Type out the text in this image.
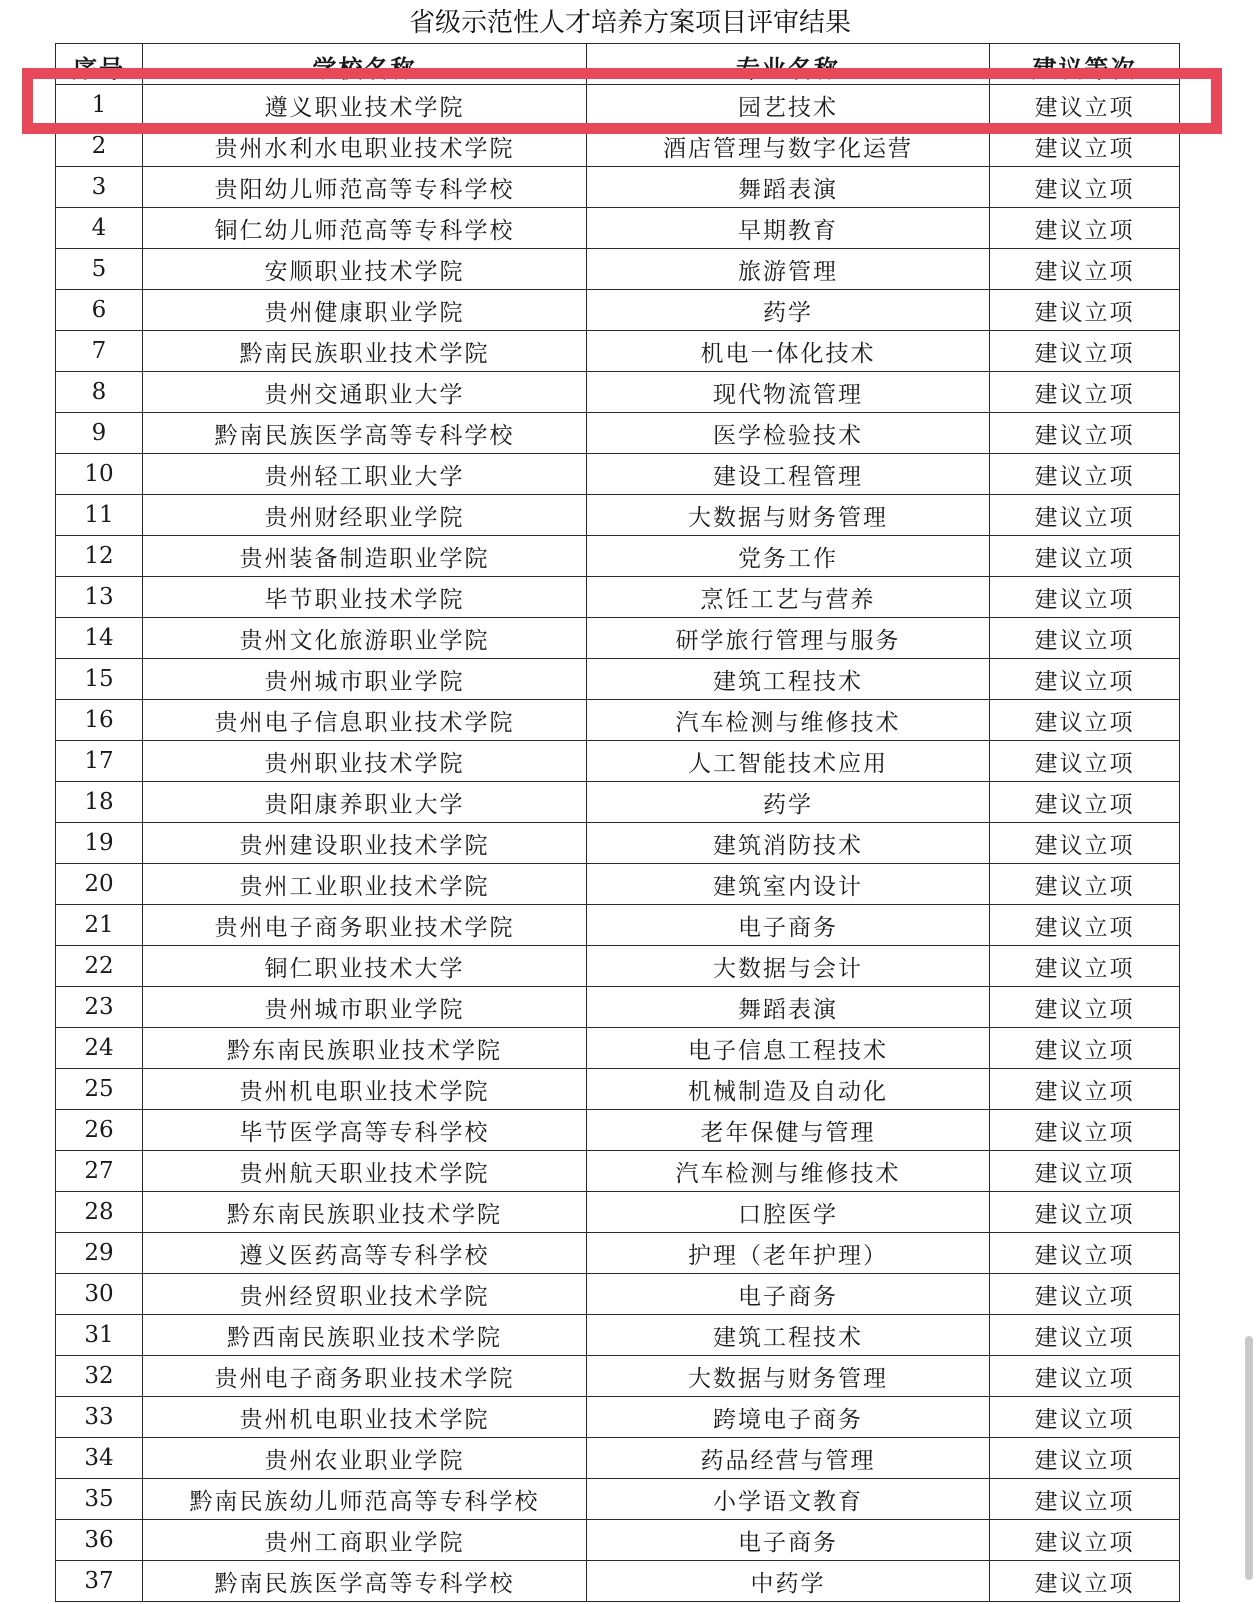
省级示范性人才培养方案项目评审结果
序号	学校名称	专业名称	建议等次
1	遵义职业技术学院	园艺技术	建议立项
2	贵州水利水电职业技术学院	酒店管理与数字化运营	建议立项
3	贵阳幼儿师范高等专科学校	舞蹈表演	建议立项
4	铜仁幼儿师范高等专科学校	早期教育	建议立项
5	安顺职业技术学院	旅游管理	建议立项
6	贵州健康职业学院	药学	建议立项
7	黔南民族职业技术学院	机电一体化技术	建议立项
8	贵州交通职业大学	现代物流管理	建议立项
9	黔南民族医学高等专科学校	医学检验技术	建议立项
10	贵州轻工职业大学	建设工程管理	建议立项
11	贵州财经职业学院	大数据与财务管理	建议立项
12	贵州装备制造职业学院	党务工作	建议立项
13	毕节职业技术学院	烹饪工艺与营养	建议立项
14	贵州文化旅游职业学院	研学旅行管理与服务	建议立项
15	贵州城市职业学院	建筑工程技术	建议立项
16	贵州电子信息职业技术学院	汽车检测与维修技术	建议立项
17	贵州职业技术学院	人工智能技术应用	建议立项
18	贵阳康养职业大学	药学	建议立项
19	贵州建设职业技术学院	建筑消防技术	建议立项
20	贵州工业职业技术学院	建筑室内设计	建议立项
21	贵州电子商务职业技术学院	电子商务	建议立项
22	铜仁职业技术大学	大数据与会计	建议立项
23	贵州城市职业学院	舞蹈表演	建议立项
24	黔东南民族职业技术学院	电子信息工程技术	建议立项
25	贵州机电职业技术学院	机械制造及自动化	建议立项
26	毕节医学高等专科学校	老年保健与管理	建议立项
27	贵州航天职业技术学院	汽车检测与维修技术	建议立项
28	黔东南民族职业技术学院	口腔医学	建议立项
29	遵义医药高等专科学校	护理（老年护理）	建议立项
30	贵州经贸职业技术学院	电子商务	建议立项
31	黔西南民族职业技术学院	建筑工程技术	建议立项
32	贵州电子商务职业技术学院	大数据与财务管理	建议立项
33	贵州机电职业技术学院	跨境电子商务	建议立项
34	贵州农业职业学院	药品经营与管理	建议立项
35	黔南民族幼儿师范高等专科学校	小学语文教育	建议立项
36	贵州工商职业学院	电子商务	建议立项
37	黔南民族医学高等专科学校	中药学	建议立项
